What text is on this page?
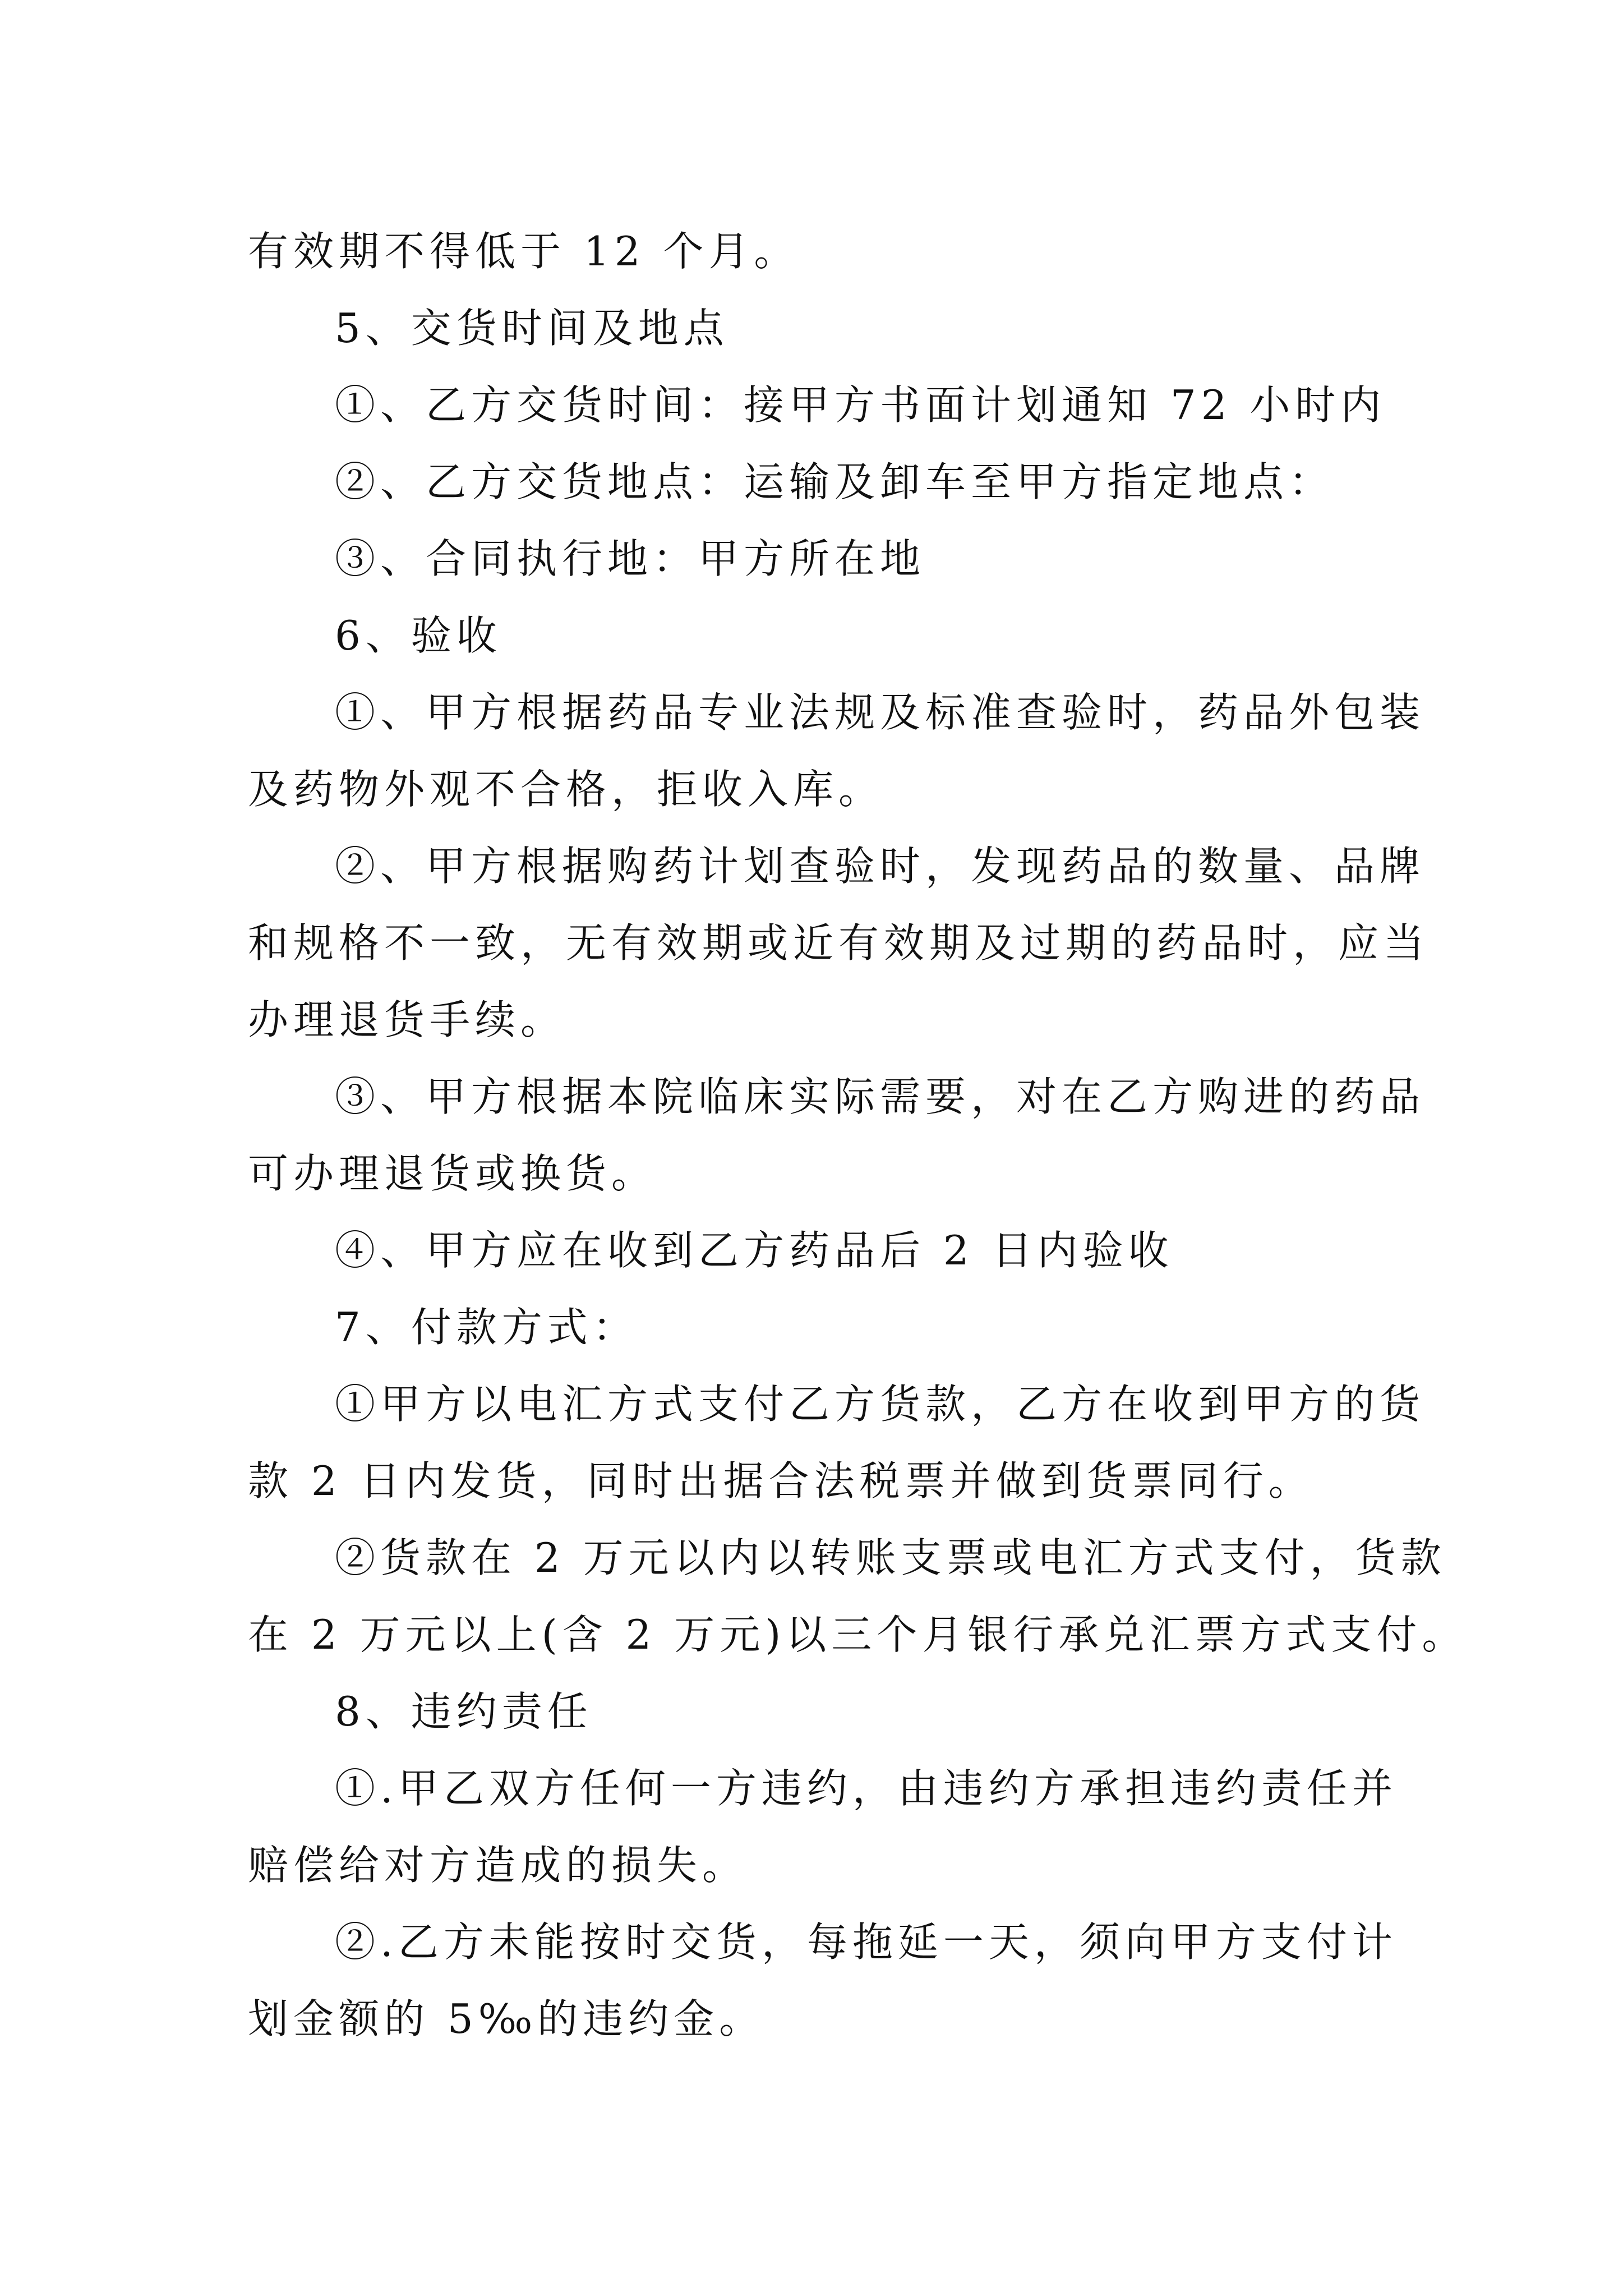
有效期不得低于 12 个月。
5、交货时间及地点
①、乙方交货时间：接甲方书面计划通知 72 小时内
②、乙方交货地点：运输及卸车至甲方指定地点：
③、合同执行地：甲方所在地
6、验收
①、甲方根据药品专业法规及标准查验时，药品外包装
及药物外观不合格，拒收入库。
②、甲方根据购药计划查验时，发现药品的数量、品牌
和规格不一致，无有效期或近有效期及过期的药品时，应当
办理退货手续。
③、甲方根据本院临床实际需要，对在乙方购进的药品
可办理退货或换货。
④、甲方应在收到乙方药品后 2 日内验收
7、付款方式：
①甲方以电汇方式支付乙方货款，乙方在收到甲方的货
款 2 日内发货，同时出据合法税票并做到货票同行。
②货款在 2 万元以内以转账支票或电汇方式支付，货款
在 2 万元以上(含 2 万元)以三个月银行承兑汇票方式支付。
8、违约责任
①.甲乙双方任何一方违约，由违约方承担违约责任并
赔偿给对方造成的损失。
②.乙方未能按时交货，每拖延一天，须向甲方支付计
划金额的 5‰的违约金。
